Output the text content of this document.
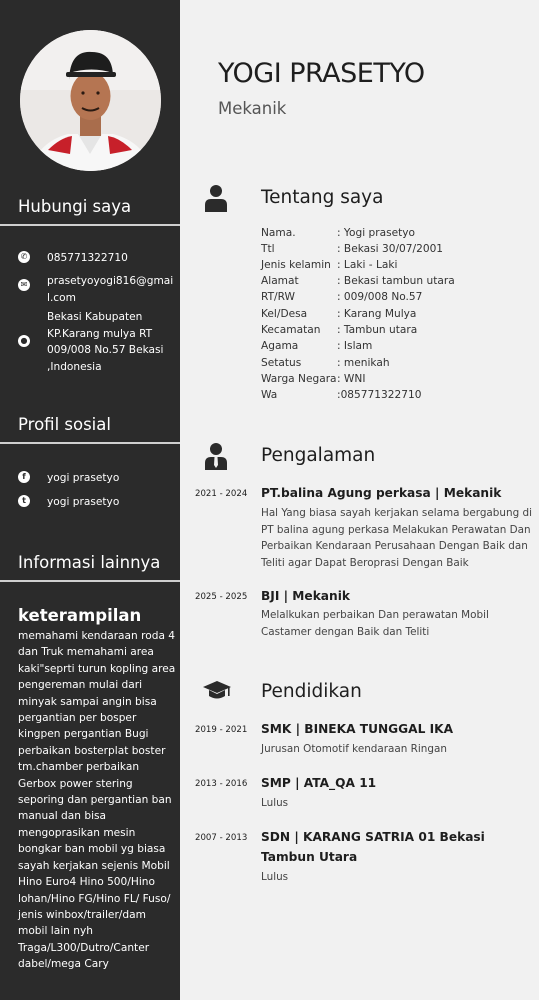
Hubungi saya
✆ 085771322710
✉ prasetyoyogi816@gmail.com
●
Bekasi Kabupaten KP.Karang mulya RT 009/008 No.57 Bekasi ,Indonesia
Profil sosial
f	yogi prasetyo
t	yogi prasetyo
Informasi lainnya
keterampilan
memahami kendaraan roda 4 dan Truk memahami area kaki"seprti turun kopling area pengereman mulai dari minyak sampai angin bisa pergantian per bosper kingpen pergantian Bugi perbaikan bosterplat boster tm.chamber perbaikan Gerbox power stering seporing dan pergantian ban manual dan bisa mengoprasikan mesin bongkar ban mobil yg biasa sayah kerjakan sejenis Mobil Hino Euro4 Hino 500/Hino lohan/Hino FG/Hino FL/ Fuso/ jenis winbox/trailer/dam mobil lain nyh Traga/L300/Dutro/Canter dabel/mega Cary
YOGI PRASETYO
Mekanik
Tentang saya
Nama.	: Yogi prasetyo
Ttl	: Bekasi 30/07/2001
Jenis kelamin : Laki - Laki
Alamat	: Bekasi tambun utara
RT/RW	: 009/008 No.57
Kel/Desa	: Karang Mulya
Kecamatan : Tambun utara
Agama	: Islam
Setatus	: menikah
Warga Negara: WNI
Wa	:085771322710
Pengalaman
2021 - 2024 PT.balina Agung perkasa | Mekanik
Hal Yang biasa sayah kerjakan selama bergabung di PT balina agung perkasa Melakukan Perawatan Dan Perbaikan Kendaraan Perusahaan Dengan Baik dan Teliti agar Dapat Beroprasi Dengan Baik
2025 - 2025 BJI | Mekanik
Melalkukan perbaikan Dan perawatan Mobil Castamer dengan Baik dan Teliti
Pendidikan
2019 - 2021 SMK | BINEKA TUNGGAL IKA
Jurusan Otomotif kendaraan Ringan
2013 - 2016 SMP | ATA_QA 11
Lulus
2007 - 2013 SDN | KARANG SATRIA 01 Bekasi Tambun Utara
Lulus
